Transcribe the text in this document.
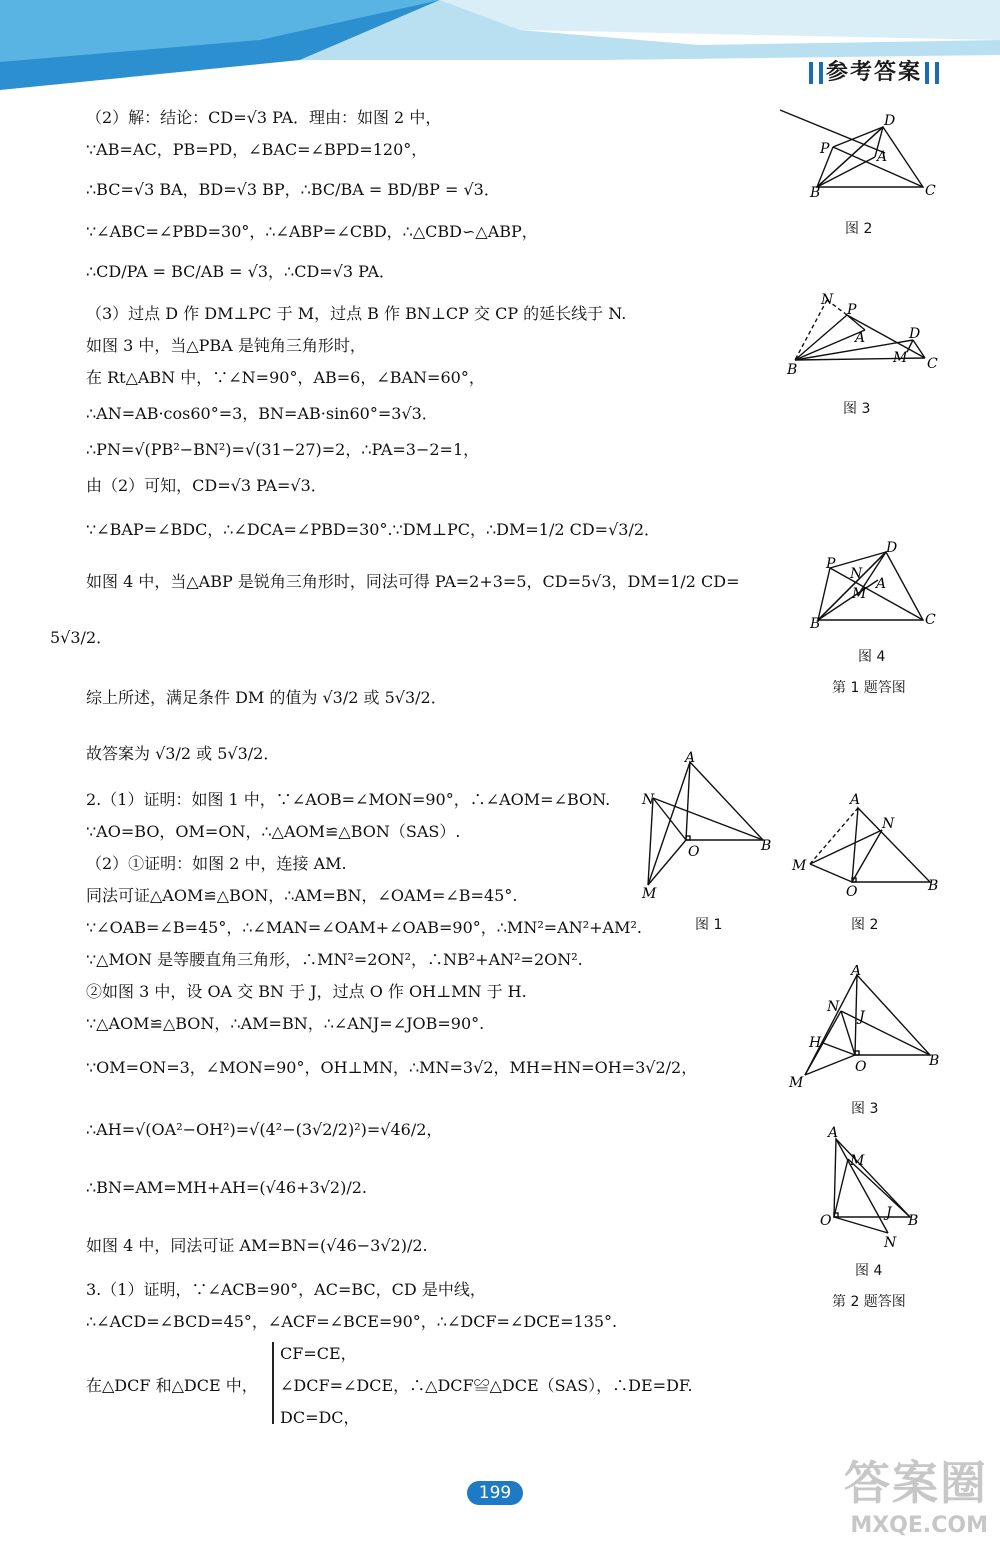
参考答案
（2）解：结论：CD=√3 PA．理由：如图 2 中，
∵AB=AC，PB=PD，∠BAC=∠BPD=120°，
∴BC=√3 BA，BD=√3 BP，∴BC/BA = BD/BP = √3．
∵∠ABC=∠PBD=30°，∴∠ABP=∠CBD，∴△CBD∽△ABP，
∴CD/PA = BC/AB = √3，∴CD=√3 PA．
（3）过点 D 作 DM⊥PC 于 M，过点 B 作 BN⊥CP 交 CP 的延长线于 N.
如图 3 中，当△PBA 是钝角三角形时，
在 Rt△ABN 中，∵∠N=90°，AB=6，∠BAN=60°，
∴AN=AB·cos60°=3，BN=AB·sin60°=3√3．
∴PN=√(PB²−BN²)=√(31−27)=2，∴PA=3−2=1，
由（2）可知，CD=√3 PA=√3．
∵∠BAP=∠BDC，∴∠DCA=∠PBD=30°.∵DM⊥PC，∴DM=1/2 CD=√3/2．
如图 4 中，当△ABP 是锐角三角形时，同法可得 PA=2+3=5，CD=5√3，DM=1/2 CD=
5√3/2．
综上所述，满足条件 DM 的值为 √3/2 或 5√3/2．
故答案为 √3/2 或 5√3/2．
2.（1）证明：如图 1 中，∵∠AOB=∠MON=90°，∴∠AOM=∠BON.
∵AO=BO，OM=ON，∴△AOM≌△BON（SAS）.
（2）①证明：如图 2 中，连接 AM.
同法可证△AOM≌△BON，∴AM=BN，∠OAM=∠B=45°.
∵∠OAB=∠B=45°，∴∠MAN=∠OAM+∠OAB=90°，∴MN²=AN²+AM².
∵△MON 是等腰直角三角形，∴MN²=2ON²，∴NB²+AN²=2ON².
②如图 3 中，设 OA 交 BN 于 J，过点 O 作 OH⊥MN 于 H.
∵△AOM≌△BON，∴AM=BN，∴∠ANJ=∠JOB=90°.
∵OM=ON=3，∠MON=90°，OH⊥MN，∴MN=3√2，MH=HN=OH=3√2/2，
∴AH=√(OA²−OH²)=√(4²−(3√2/2)²)=√46/2，
∴BN=AM=MH+AH=(√46+3√2)/2.
如图 4 中，同法可证 AM=BN=(√46−3√2)/2.
3.（1）证明，∵∠ACB=90°，AC=BC，CD 是中线，
∴∠ACD=∠BCD=45°，∠ACF=∠BCE=90°，∴∠DCF=∠DCE=135°.
CF=CE，
在△DCF 和△DCE 中， ∠DCF=∠DCE，∴△DCF≌△DCE（SAS），∴DE=DF.
DC=DC，
D
P	A
B	C
图 2
N
P
A	D
M
B	C
图 3
P
D
N
A
M
B	C
图 4
第 1 题答图
A
N
O	B
M
图 1
A
N
M
O	B
图 2
A
N
J
H
O	B
M
图 3
A
M
O	J B
N
图 4
第 2 题答图
199	答案圈
MXQE.COM
